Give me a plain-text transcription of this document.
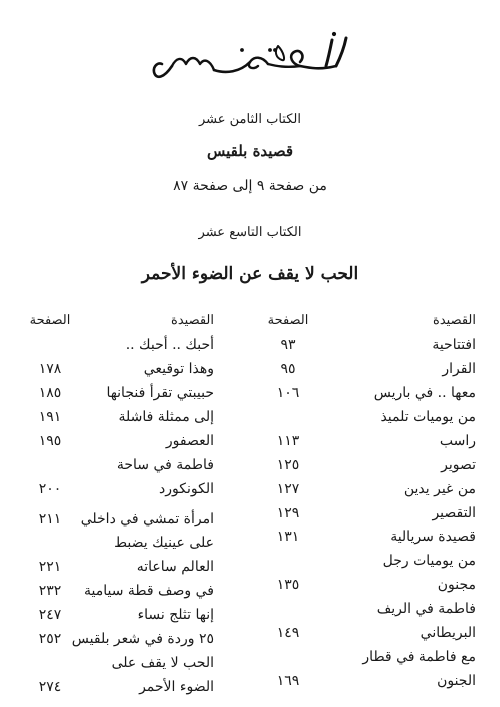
الكتاب الثامن عشر
قصيدة بلقيس
من صفحة ٩ إلى صفحة ٨٧
الكتاب التاسع عشر
الحب لا يقف عن الضوء الأحمر
القصيدة
الصفحة
القصيدة
الصفحة
افتتاحية
٩٣
القرار
٩٥
معها .. في باريس
١٠٦
من يوميات تلميذ
راسب
١١٣
تصوير
١٢٥
من غير يدين
١٢٧
التقصير
١٢٩
قصيدة سريالية
١٣١
من يوميات رجل
مجنون
١٣٥
فاطمة في الريف
البريطاني
١٤٩
مع فاطمة في قطار
الجنون
١٦٩
أحبك .. أحبك ..
وهذا توقيعي
١٧٨
حبيبتي تقرأ فنجانها
١٨٥
إلى ممثلة فاشلة
١٩١
العصفور
١٩٥
فاطمة في ساحة
الكونكورد
٢٠٠
امرأة تمشي في داخلي
٢١١
على عينيك يضبط
العالم ساعاته
٢٢١
في وصف قطة سيامية
٢٣٢
إنها تثلج نساء
٢٤٧
٢٥ وردة في شعر بلقيس
٢٥٢
الحب لا يقف على
الضوء الأحمر
٢٧٤
